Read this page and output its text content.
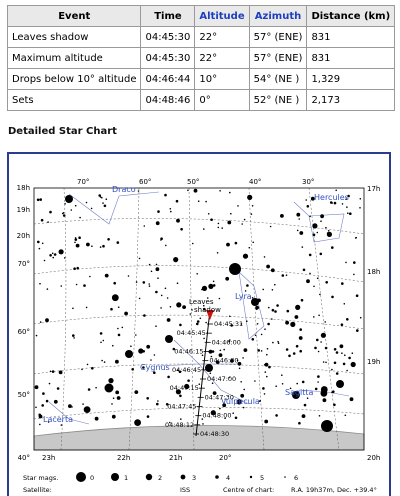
Event	Time	Altitude	Azimuth	Distance (km)
Leaves shadow	04:45:30	22°	57° (ENE)	831
Maximum altitude	04:45:30	22°	57° (ENE)	831
Drops below 10° altitude	04:46:44	10°	54° (NE )	1,329
Sets	04:48:46	0°	52° (NE )	2,173
Detailed Star Chart
04:45:31
04:45:45
04:46:00
04:46:15
04:46:30
04:46:45
04:47:00
04:47:15
04:47:30
04:47:45
04:48:00
04:48:12
04:48:30
70°	60°	50°	40°	30°
18h
19h
20h
70°
60°
50°
40°
17h
18h
19h
20h
23h	22h	21h	20°
Draco
Hercules
Lyra
Cygnus
Vulpecula
Sagitta
Lacerta
Leaves shadow
Star mags.	0	1	2	3	4	5	6
Satellite:	ISS	Centre of chart:	R.A. 19h37m, Dec. +39.4°
